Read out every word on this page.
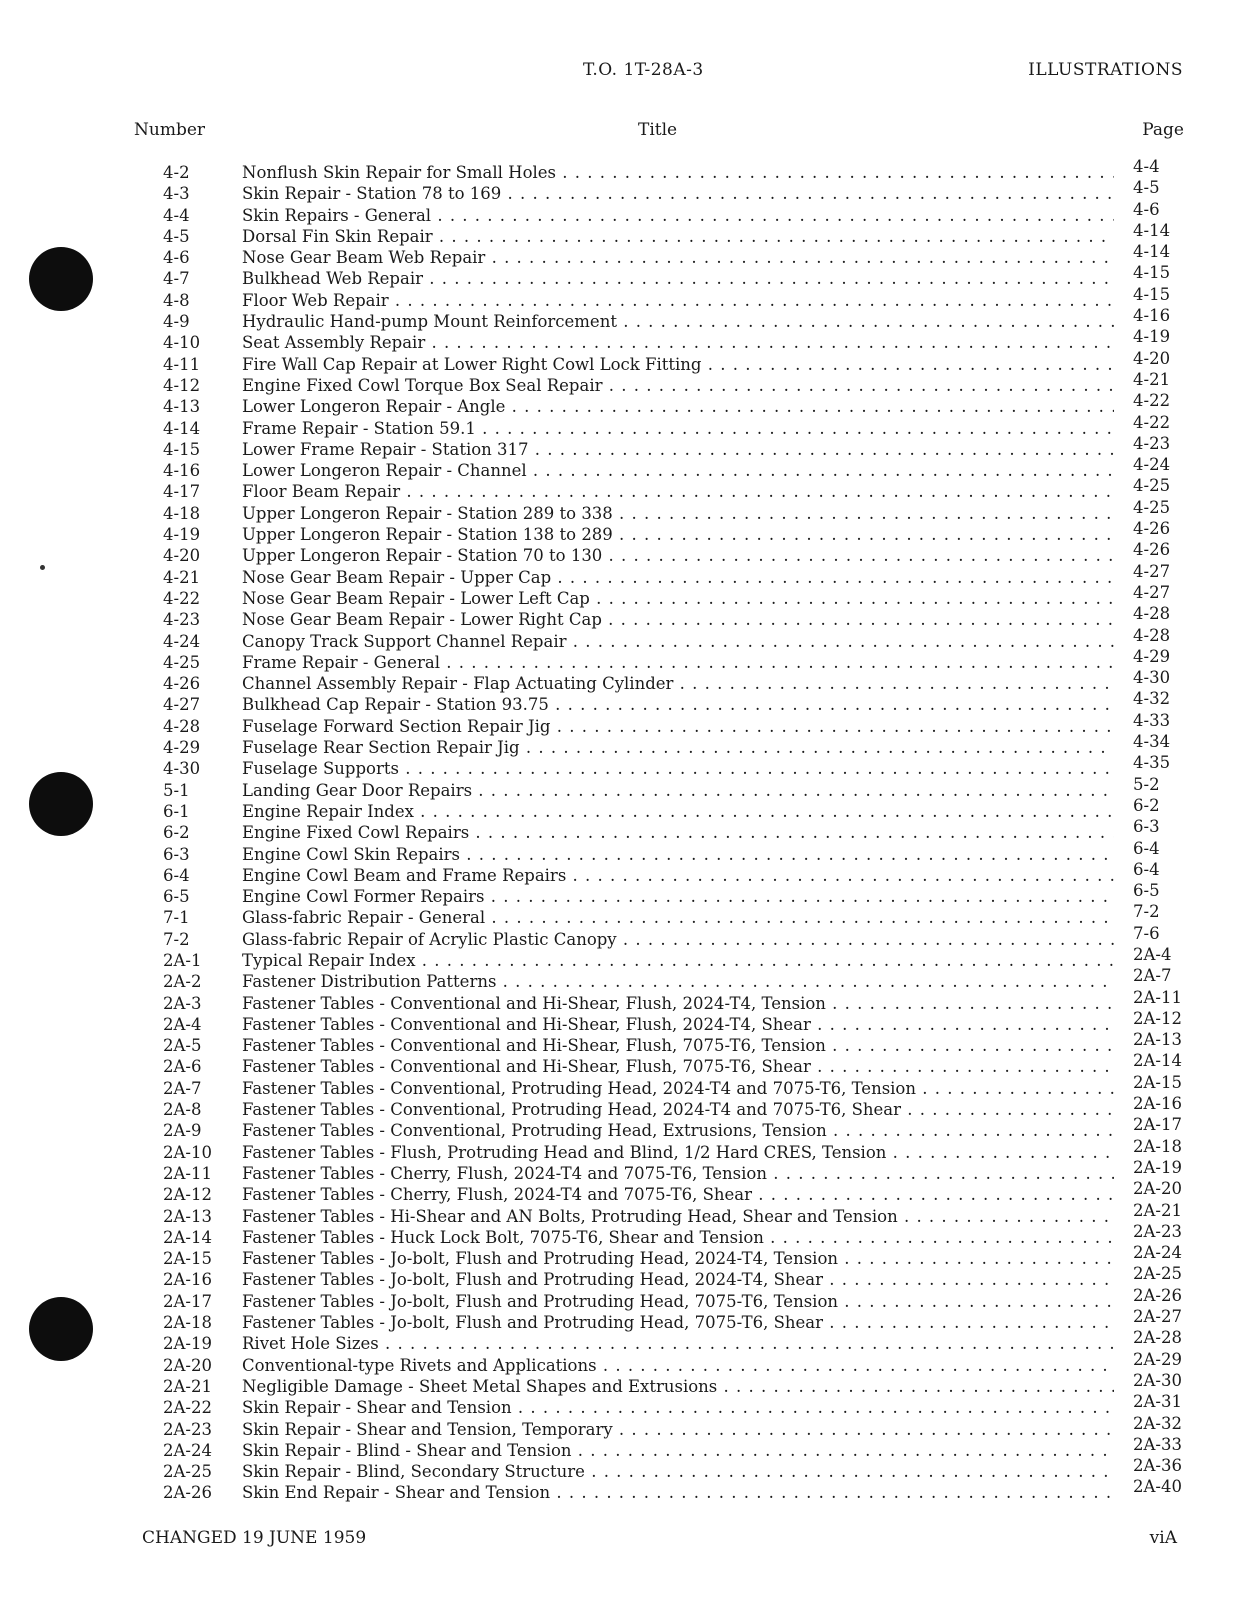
T.O. 1T-28A-3	ILLUSTRATIONS
Number	Title	Page
4-2	Nonflush Skin Repair for Small Holes . . .	4-4
4-3	Skin Repair - Station 78 to 169 . . .	4-5
4-4	Skin Repairs - General . . .	4-6
4-5	Dorsal Fin Skin Repair . . .	4-14
4-6	Nose Gear Beam Web Repair . . .	4-14
4-7	Bulkhead Web Repair . . .	4-15
4-8	Floor Web Repair . . .	4-15
4-9	Hydraulic Hand-pump Mount Reinforcement . . .	4-16
4-10	Seat Assembly Repair . . .	4-19
4-11	Fire Wall Cap Repair at Lower Right Cowl Lock Fitting . . .	4-20
4-12	Engine Fixed Cowl Torque Box Seal Repair . . .	4-21
4-13	Lower Longeron Repair - Angle . . .	4-22
4-14	Frame Repair - Station 59.1 . . .	4-22
4-15	Lower Frame Repair - Station 317 . . .	4-23
4-16	Lower Longeron Repair - Channel . . .	4-24
4-17	Floor Beam Repair . . .	4-25
4-18	Upper Longeron Repair - Station 289 to 338 . . .	4-25
4-19	Upper Longeron Repair - Station 138 to 289 . . .	4-26
4-20	Upper Longeron Repair - Station 70 to 130 . . .	4-26
4-21	Nose Gear Beam Repair - Upper Cap . . .	4-27
4-22	Nose Gear Beam Repair - Lower Left Cap . . .	4-27
4-23	Nose Gear Beam Repair - Lower Right Cap . . .	4-28
4-24	Canopy Track Support Channel Repair . . .	4-28
4-25	Frame Repair - General . . .	4-29
4-26	Channel Assembly Repair - Flap Actuating Cylinder . . .	4-30
4-27	Bulkhead Cap Repair - Station 93.75 . . .	4-32
4-28	Fuselage Forward Section Repair Jig . . .	4-33
4-29	Fuselage Rear Section Repair Jig . . .	4-34
4-30	Fuselage Supports . . .	4-35
5-1	Landing Gear Door Repairs . . .	5-2
6-1	Engine Repair Index . . .	6-2
6-2	Engine Fixed Cowl Repairs . . .	6-3
6-3	Engine Cowl Skin Repairs . . .	6-4
6-4	Engine Cowl Beam and Frame Repairs . . .	6-4
6-5	Engine Cowl Former Repairs . . .	6-5
7-1	Glass-fabric Repair - General . . .	7-2
7-2	Glass-fabric Repair of Acrylic Plastic Canopy . . .	7-6
2A-1 Typical Repair Index . . .	2A-4
2A-2 Fastener Distribution Patterns . . .	2A-7
2A-3 Fastener Tables - Conventional and Hi-Shear, Flush, 2024-T4, Tension . . .	2A-11
2A-4 Fastener Tables - Conventional and Hi-Shear, Flush, 2024-T4, Shear . . .	2A-12
2A-5 Fastener Tables - Conventional and Hi-Shear, Flush, 7075-T6, Tension . . .	2A-13
2A-6 Fastener Tables - Conventional and Hi-Shear, Flush, 7075-T6, Shear . . .	2A-14
2A-7 Fastener Tables - Conventional, Protruding Head, 2024-T4 and 7075-T6, Tension . . .	2A-15
2A-8 Fastener Tables - Conventional, Protruding Head, 2024-T4 and 7075-T6, Shear . . .	2A-16
2A-9 Fastener Tables - Conventional, Protruding Head, Extrusions, Tension . . .	2A-17
2A-10 Fastener Tables - Flush, Protruding Head and Blind, 1/2 Hard CRES, Tension . . .	2A-18
2A-11 Fastener Tables - Cherry, Flush, 2024-T4 and 7075-T6, Tension . . .	2A-19
2A-12 Fastener Tables - Cherry, Flush, 2024-T4 and 7075-T6, Shear . . .	2A-20
2A-13 Fastener Tables - Hi-Shear and AN Bolts, Protruding Head, Shear and Tension . . .	2A-21
2A-14 Fastener Tables - Huck Lock Bolt, 7075-T6, Shear and Tension . . .	2A-23
2A-15 Fastener Tables - Jo-bolt, Flush and Protruding Head, 2024-T4, Tension . . .	2A-24
2A-16 Fastener Tables - Jo-bolt, Flush and Protruding Head, 2024-T4, Shear . . .	2A-25
2A-17 Fastener Tables - Jo-bolt, Flush and Protruding Head, 7075-T6, Tension . . .	2A-26
2A-18 Fastener Tables - Jo-bolt, Flush and Protruding Head, 7075-T6, Shear . . .	2A-27
2A-19 Rivet Hole Sizes . . .	2A-28
2A-20 Conventional-type Rivets and Applications . . .	2A-29
2A-21 Negligible Damage - Sheet Metal Shapes and Extrusions . . .	2A-30
2A-22 Skin Repair - Shear and Tension . . .	2A-31
2A-23 Skin Repair - Shear and Tension, Temporary . . .	2A-32
2A-24 Skin Repair - Blind - Shear and Tension . . .	2A-33
2A-25 Skin Repair - Blind, Secondary Structure . . .	2A-36
2A-26 Skin End Repair - Shear and Tension . . .	2A-40
CHANGED 19 JUNE 1959	viA
